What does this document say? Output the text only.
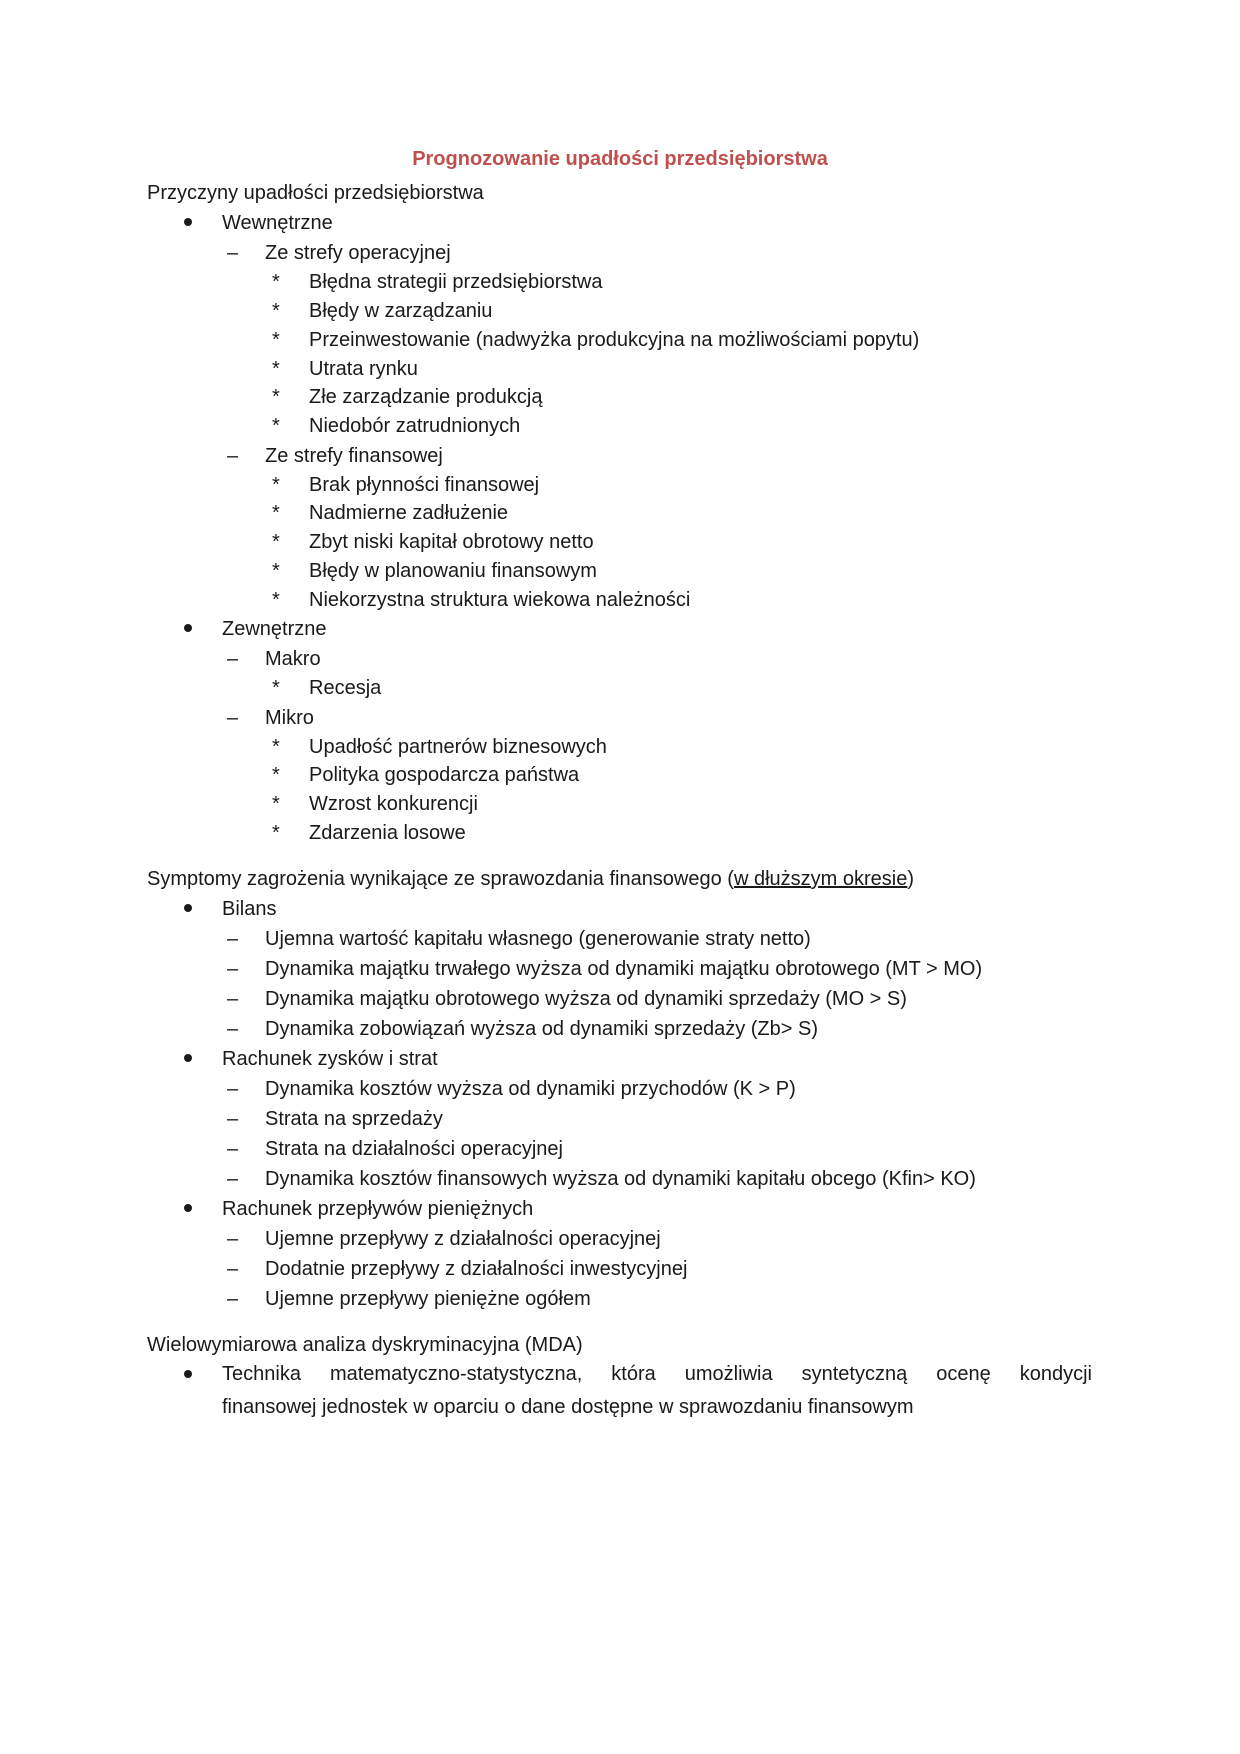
Prognozowanie upadłości przedsiębiorstwa
Przyczyny upadłości przedsiębiorstwa
Wewnętrzne
– Ze strefy operacyjnej
* Błędna strategii przedsiębiorstwa
* Błędy w zarządzaniu
* Przeinwestowanie (nadwyżka produkcyjna na możliwościami popytu)
* Utrata rynku
* Złe zarządzanie produkcją
* Niedobór zatrudnionych
– Ze strefy finansowej
* Brak płynności finansowej
* Nadmierne zadłużenie
* Zbyt niski kapitał obrotowy netto
* Błędy w planowaniu finansowym
* Niekorzystna struktura wiekowa należności
Zewnętrzne
– Makro
* Recesja
– Mikro
* Upadłość partnerów biznesowych
* Polityka gospodarcza państwa
* Wzrost konkurencji
* Zdarzenia losowe
Symptomy zagrożenia wynikające ze sprawozdania finansowego (w dłuższym okresie)
Bilans
– Ujemna wartość kapitału własnego (generowanie straty netto)
– Dynamika majątku trwałego wyższa od dynamiki majątku obrotowego (MT > MO)
– Dynamika majątku obrotowego wyższa od dynamiki sprzedaży (MO > S)
– Dynamika zobowiązań wyższa od dynamiki sprzedaży (Zb> S)
Rachunek zysków i strat
– Dynamika kosztów wyższa od dynamiki przychodów (K > P)
– Strata na sprzedaży
– Strata na działalności operacyjnej
– Dynamika kosztów finansowych wyższa od dynamiki kapitału obcego (Kfin> KO)
Rachunek przepływów pieniężnych
– Ujemne przepływy z działalności operacyjnej
– Dodatnie przepływy z działalności inwestycyjnej
– Ujemne przepływy pieniężne ogółem
Wielowymiarowa analiza dyskryminacyjna (MDA)
Technika matematyczno-statystyczna, która umożliwia syntetyczną ocenę kondycji
finansowej jednostek w oparciu o dane dostępne w sprawozdaniu finansowym
